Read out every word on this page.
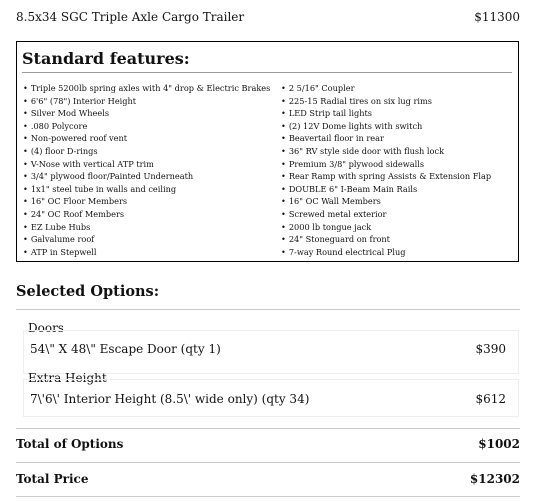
8.5x34 SGC Triple Axle Cargo Trailer	$11300
Standard features:
• Triple 5200lb spring axles with 4" drop & Electric Brakes
• 6'6" (78") Interior Height
• Silver Mod Wheels
• .080 Polycore
• Non-powered roof vent
• (4) floor D-rings
• V-Nose with vertical ATP trim
• 3/4" plywood floor/Painted Underneath
• 1x1" steel tube in walls and ceiling
• 16" OC Floor Members
• 24" OC Roof Members
• EZ Lube Hubs
• Galvalume roof
• ATP in Stepwell
• 2 5/16" Coupler
• 225-15 Radial tires on six lug rims
• LED Strip tail lights
• (2) 12V Dome lights with switch
• Beavertail floor in rear
• 36" RV style side door with flush lock
• Premium 3/8" plywood sidewalls
• Rear Ramp with spring Assists & Extension Flap
• DOUBLE 6" I-Beam Main Rails
• 16" OC Wall Members
• Screwed metal exterior
• 2000 lb tongue jack
• 24" Stoneguard on front
• 7-way Round electrical Plug
Selected Options:
Doors
54\" X 48\" Escape Door (qty 1)	$390
Extra Height
7\'6\' Interior Height (8.5\' wide only) (qty 34)	$612
Total of Options	$1002
Total Price	$12302
